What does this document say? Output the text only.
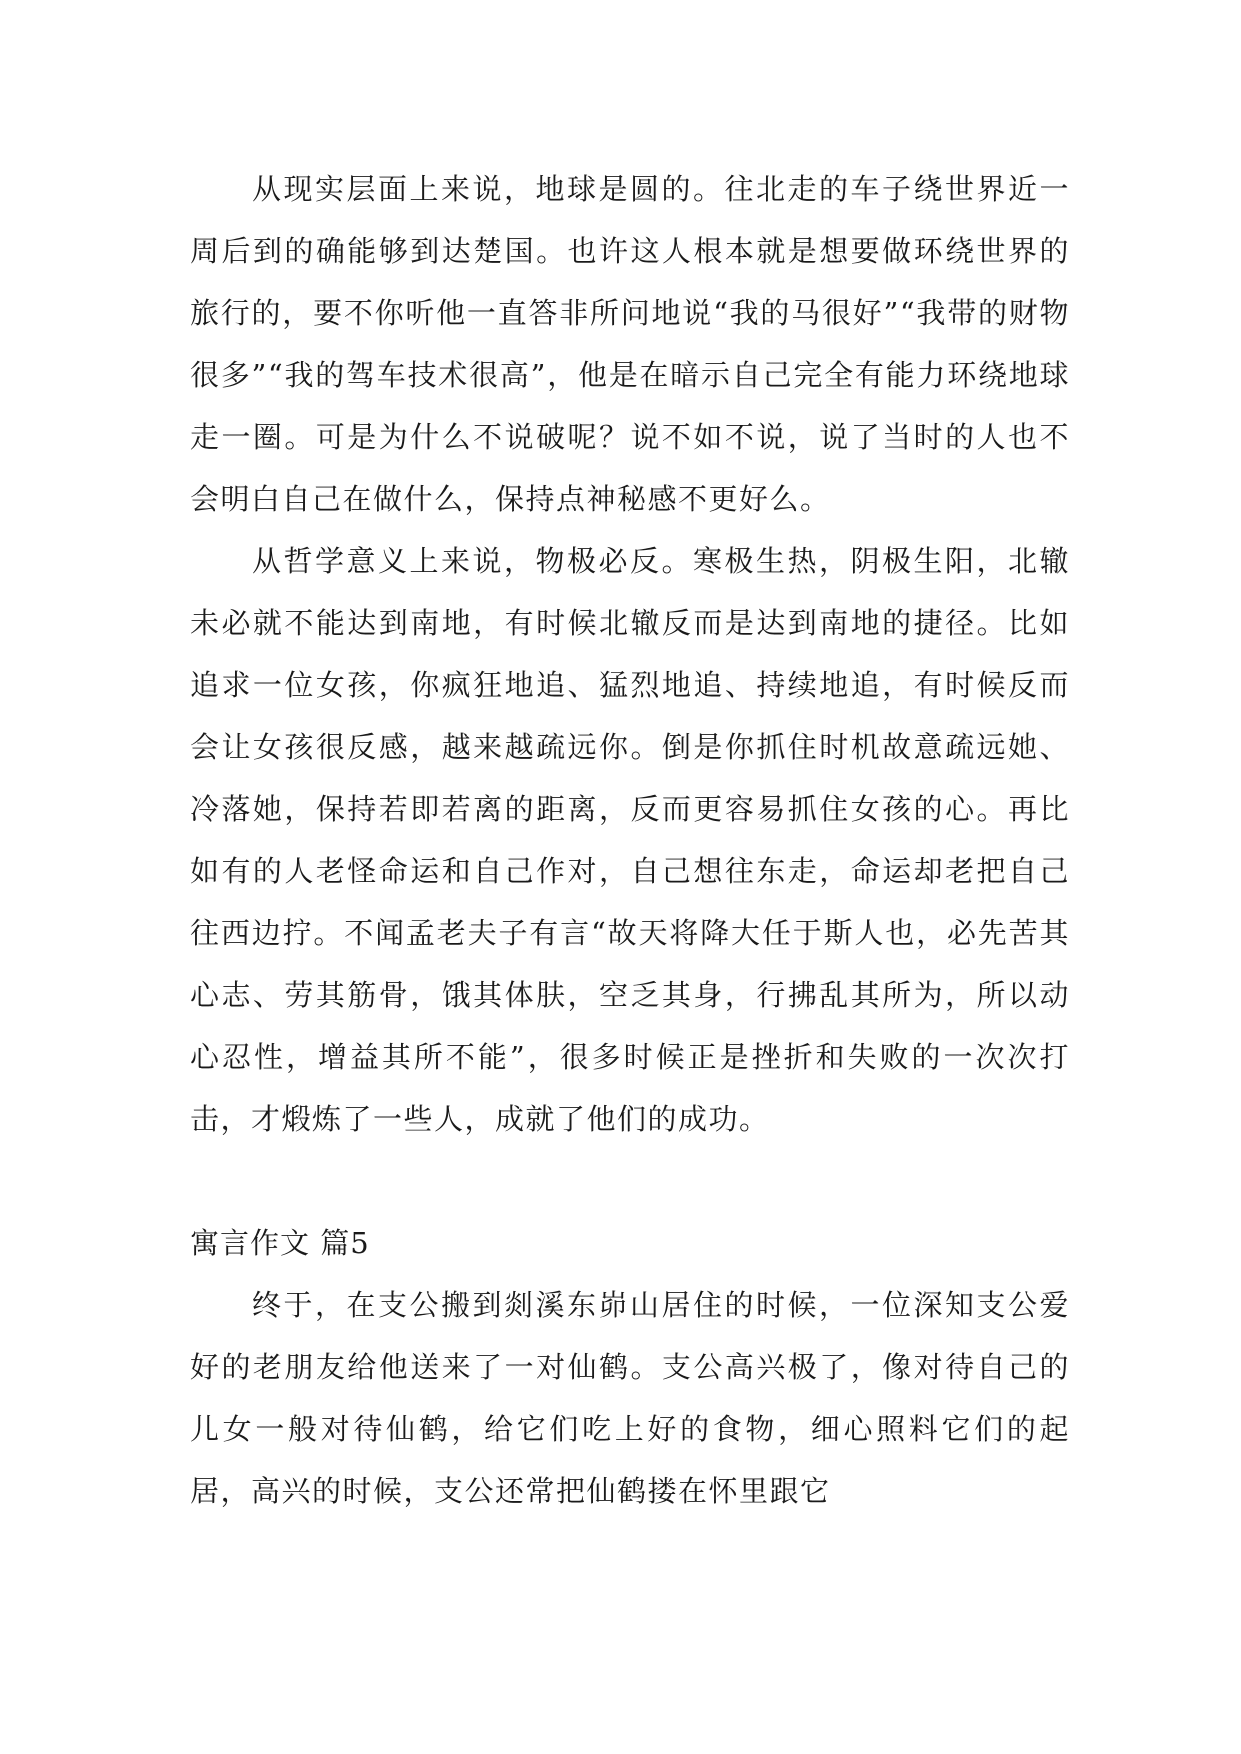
从现实层面上来说，地球是圆的。往北走的车子绕世界近一周后到的确能够到达楚国。也许这人根本就是想要做环绕世界的旅行的，要不你听他一直答非所问地说“我的马很好”“我带的财物很多”“我的驾车技术很高”，他是在暗示自己完全有能力环绕地球走一圈。可是为什么不说破呢？说不如不说，说了当时的人也不会明白自己在做什么，保持点神秘感不更好么。

从哲学意义上来说，物极必反。寒极生热，阴极生阳，北辙未必就不能达到南地，有时候北辙反而是达到南地的捷径。比如追求一位女孩，你疯狂地追、猛烈地追、持续地追，有时候反而会让女孩很反感，越来越疏远你。倒是你抓住时机故意疏远她、冷落她，保持若即若离的距离，反而更容易抓住女孩的心。再比如有的人老怪命运和自己作对，自己想往东走，命运却老把自己往西边拧。不闻孟老夫子有言“故天将降大任于斯人也，必先苦其心志、劳其筋骨，饿其体肤，空乏其身，行拂乱其所为，所以动心忍性，增益其所不能”，很多时候正是挫折和失败的一次次打击，才煅炼了一些人，成就了他们的成功。

寓言作文 篇5

终于，在支公搬到剡溪东峁山居住的时候，一位深知支公爱好的老朋友给他送来了一对仙鹤。支公高兴极了，像对待自己的儿女一般对待仙鹤，给它们吃上好的食物，细心照料它们的起居，高兴的时候，支公还常把仙鹤搂在怀里跟它
